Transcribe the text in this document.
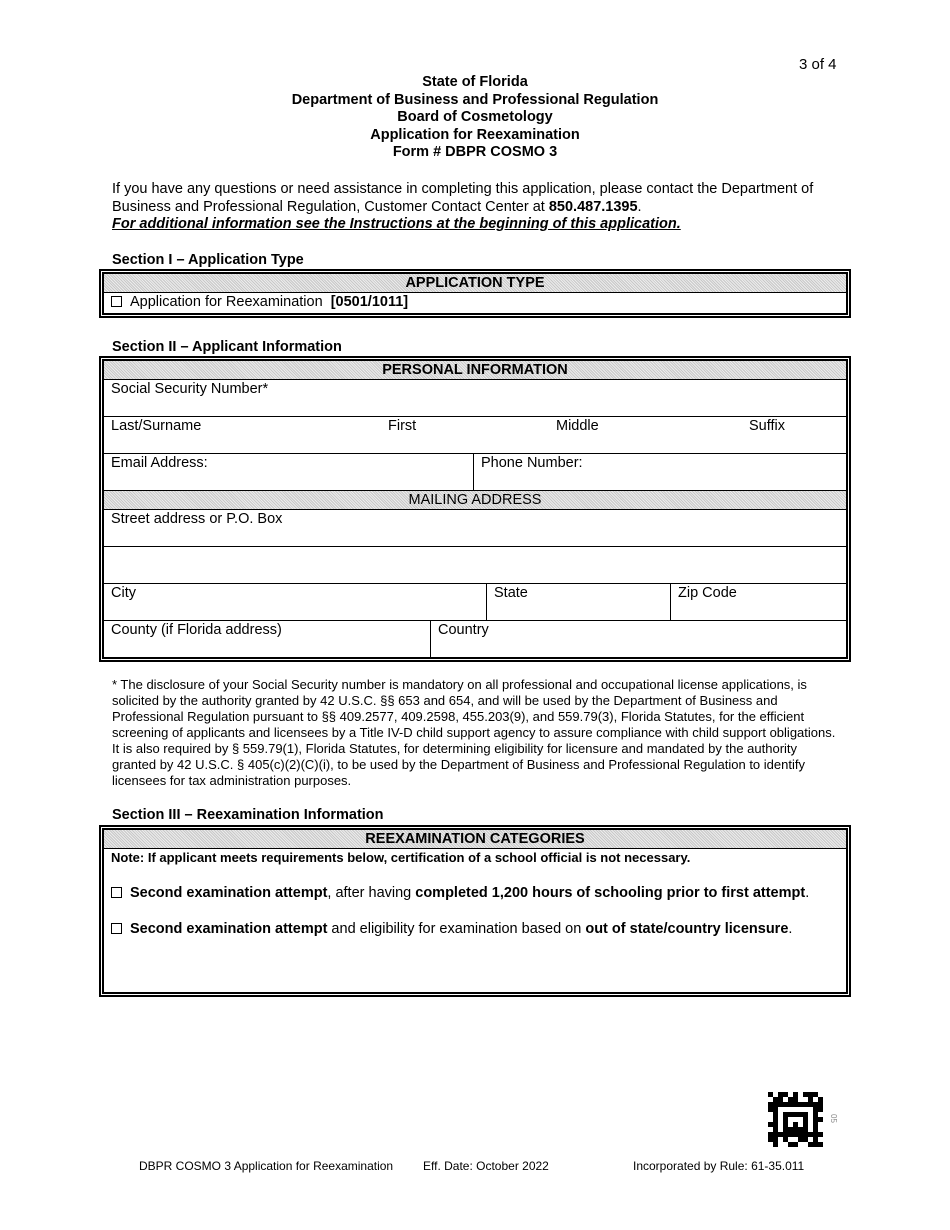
3 of 4
State of Florida
Department of Business and Professional Regulation
Board of Cosmetology
Application for Reexamination
Form # DBPR COSMO 3
If you have any questions or need assistance in completing this application, please contact the Department of Business and Professional Regulation, Customer Contact Center at 850.487.1395.
For additional information see the Instructions at the beginning of this application.
Section I – Application Type
APPLICATION TYPE
Application for Reexamination [0501/1011]
Section II – Applicant Information
PERSONAL INFORMATION
Social Security Number*
Last/Surname	First	Middle	Suffix
Email Address:	Phone Number:
MAILING ADDRESS
Street address or P.O. Box
City	State	Zip Code
County (if Florida address)	Country
* The disclosure of your Social Security number is mandatory on all professional and occupational license applications, is solicited by the authority granted by 42 U.S.C. §§ 653 and 654, and will be used by the Department of Business and Professional Regulation pursuant to §§ 409.2577, 409.2598, 455.203(9), and 559.79(3), Florida Statutes, for the efficient screening of applicants and licensees by a Title IV-D child support agency to assure compliance with child support obligations. It is also required by § 559.79(1), Florida Statutes, for determining eligibility for licensure and mandated by the authority granted by 42 U.S.C. § 405(c)(2)(C)(i), to be used by the Department of Business and Professional Regulation to identify licensees for tax administration purposes.
Section III – Reexamination Information
REEXAMINATION CATEGORIES
Note: If applicant meets requirements below, certification of a school official is not necessary.
Second examination attempt, after having completed 1,200 hours of schooling prior to first attempt.
Second examination attempt and eligibility for examination based on out of state/country licensure.
05
DBPR COSMO 3 Application for Reexamination Eff. Date: October 2022	Incorporated by Rule: 61-35.011
